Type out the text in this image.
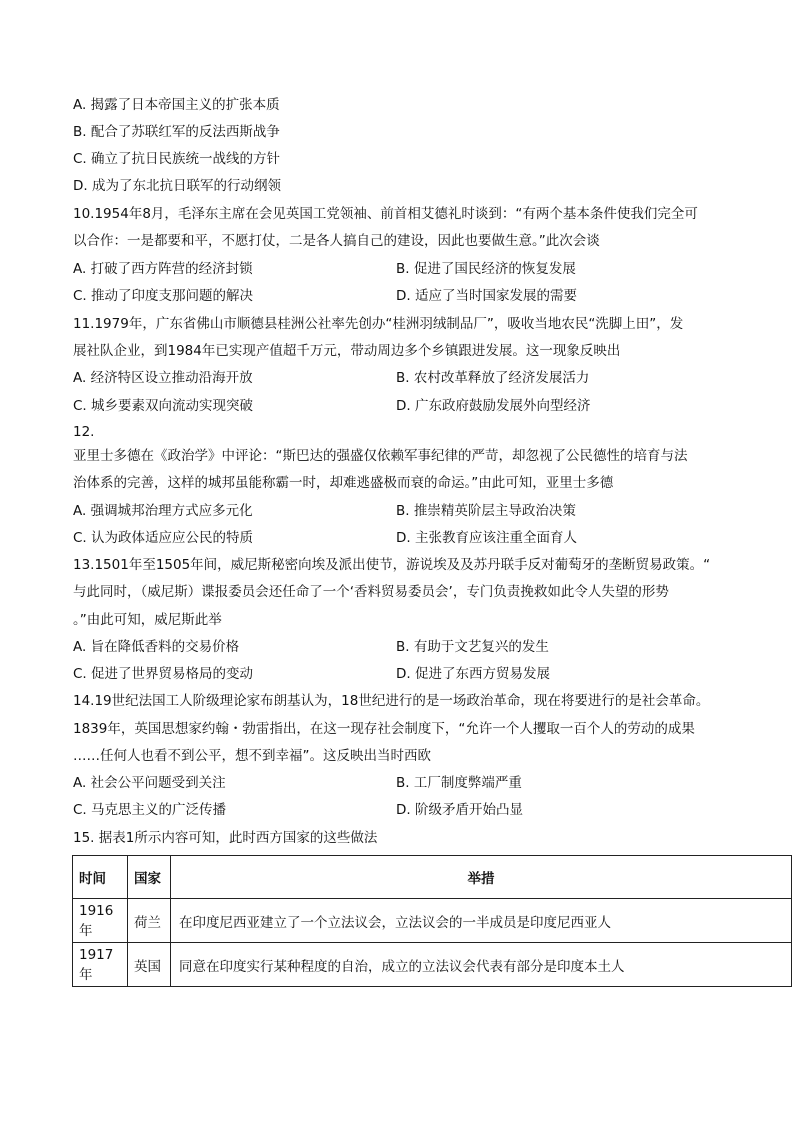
A. 揭露了日本帝国主义的扩张本质
B. 配合了苏联红军的反法西斯战争
C. 确立了抗日民族统一战线的方针
D. 成为了东北抗日联军的行动纲领
10.1954年8月，毛泽东主席在会见英国工党领袖、前首相艾德礼时谈到：“有两个基本条件使我们完全可
以合作：一是都要和平，不愿打仗，二是各人搞自己的建设，因此也要做生意。”此次会谈
A. 打破了西方阵营的经济封锁	B. 促进了国民经济的恢复发展
C. 推动了印度支那问题的解决	D. 适应了当时国家发展的需要
11.1979年，广东省佛山市顺德县桂洲公社率先创办“桂洲羽绒制品厂”，吸收当地农民“洗脚上田”，发
展社队企业，到1984年已实现产值超千万元，带动周边多个乡镇跟进发展。这一现象反映出
A. 经济特区设立推动沿海开放	B. 农村改革释放了经济发展活力
C. 城乡要素双向流动实现突破	D. 广东政府鼓励发展外向型经济
12.
亚里士多德在《政治学》中评论：“斯巴达的强盛仅依赖军事纪律的严苛，却忽视了公民德性的培育与法
治体系的完善，这样的城邦虽能称霸一时，却难逃盛极而衰的命运。”由此可知，亚里士多德
A. 强调城邦治理方式应多元化	B. 推崇精英阶层主导政治决策
C. 认为政体适应应公民的特质	D. 主张教育应该注重全面育人
13.1501年至1505年间，威尼斯秘密向埃及派出使节，游说埃及及苏丹联手反对葡萄牙的垄断贸易政策。“
与此同时，（威尼斯）谍报委员会还任命了一个‘香料贸易委员会’，专门负责挽救如此令人失望的形势
。”由此可知，威尼斯此举
A. 旨在降低香料的交易价格	B. 有助于文艺复兴的发生
C. 促进了世界贸易格局的变动	D. 促进了东西方贸易发展
14.19世纪法国工人阶级理论家布朗基认为，18世纪进行的是一场政治革命，现在将要进行的是社会革命。
1839年，英国思想家约翰・勃雷指出，在这一现存社会制度下，“允许一个人攫取一百个人的劳动的成果
……任何人也看不到公平，想不到幸福”。这反映出当时西欧
A. 社会公平问题受到关注	B. 工厂制度弊端严重
C. 马克思主义的广泛传播	D. 阶级矛盾开始凸显
15. 据表1所示内容可知，此时西方国家的这些做法
时间	国家	举措
1916年	荷兰	在印度尼西亚建立了一个立法议会，立法议会的一半成员是印度尼西亚人
1917年	英国	同意在印度实行某种程度的自治，成立的立法议会代表有部分是印度本土人
